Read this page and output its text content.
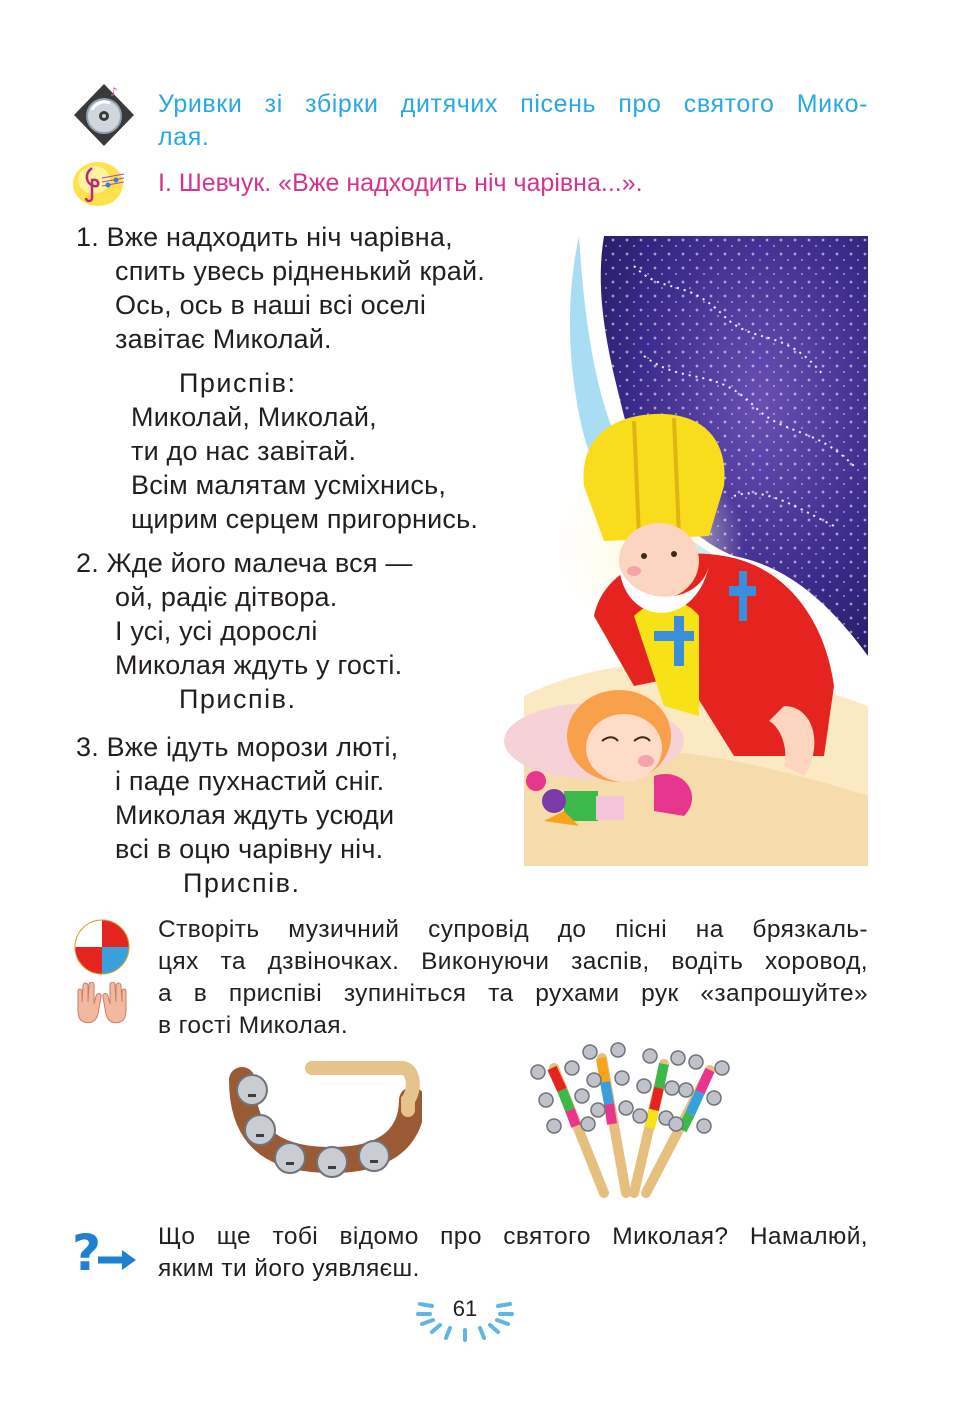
♪ Уривки зі збірки дитячих пісень про святого Мико-
лая.
І. Шевчук. «Вже надходить ніч чарівна...».
1. Вже надходить ніч чарівна,
спить увесь рідненький край.
Ось, ось в наші всі оселі
завітає Миколай.
Приспів:
Миколай, Миколай,
ти до нас завітай.
Всім малятам усміхнись,
щирим серцем пригорнись.
2. Жде його малеча вся —
ой, радіє дітвора.
І усі, усі дорослі
Миколая ждуть у гості.
Приспів.
3. Вже ідуть морози люті,
і паде пухнастий сніг.
Миколая ждуть усюди
всі в оцю чарівну ніч.
Приспів.
Створіть музичний супровід до пісні на брязкаль-
цях та дзвіночках. Виконуючи заспів, водіть хоровод,
а в приспіві зупиніться та рухами рук «запрошуйте»
в гості Миколая.
? Що ще тобі відомо про святого Миколая? Намалюй,
яким ти його уявляєш.
61
